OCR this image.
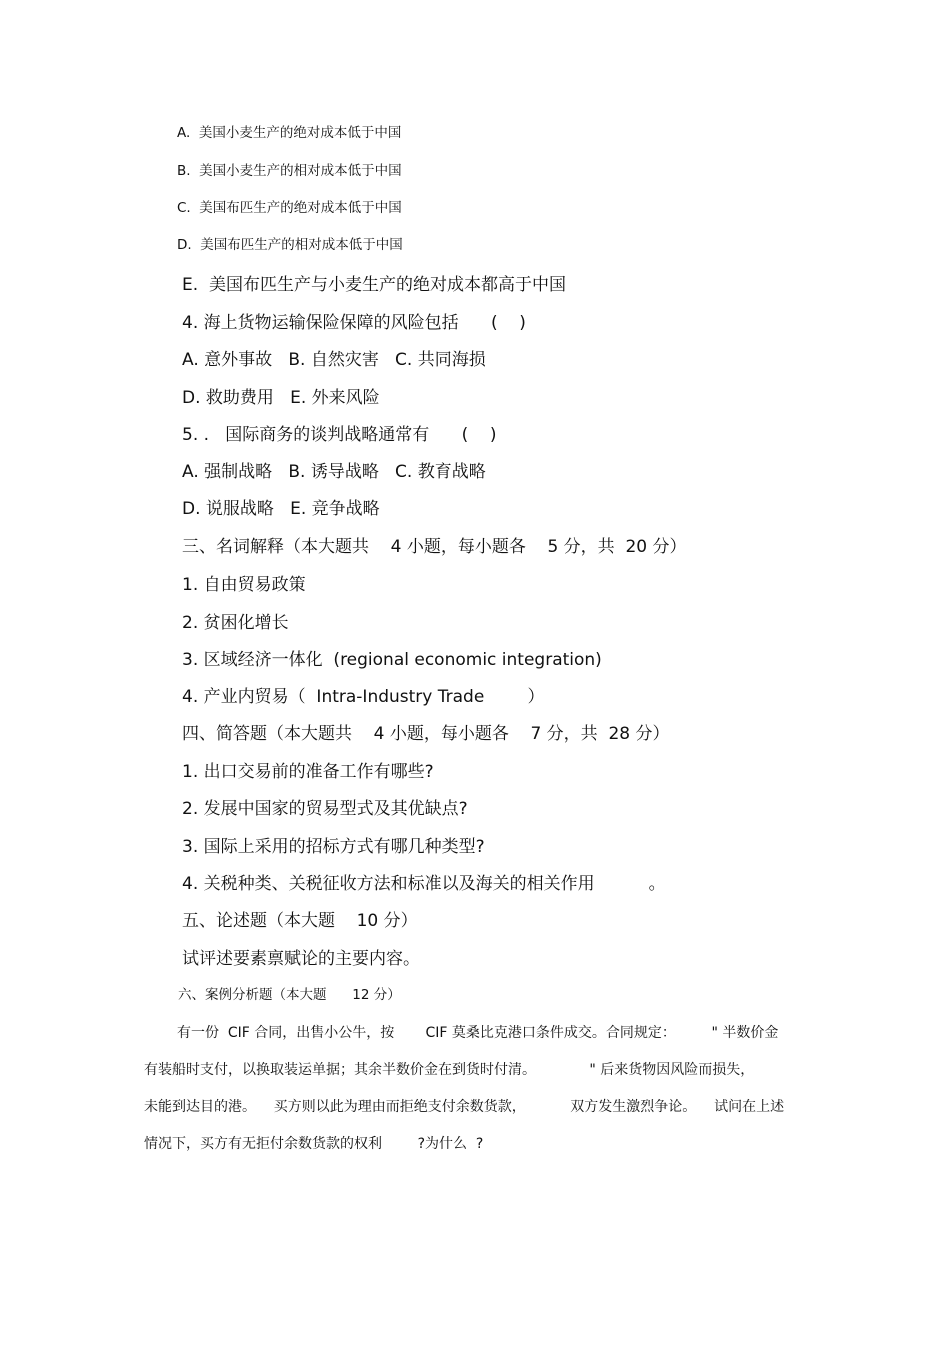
A.  美国小麦生产的绝对成本低于中国
B.  美国小麦生产的相对成本低于中国
C.  美国布匹生产的绝对成本低于中国
D.  美国布匹生产的相对成本低于中国
E.  美国布匹生产与小麦生产的绝对成本都高于中国
4. 海上货物运输保险保障的风险包括      (    )
A. 意外事故   B. 自然灾害   C. 共同海损
D. 救助费用   E. 外来风险
5. .   国际商务的谈判战略通常有      (    )
A. 强制战略   B. 诱导战略   C. 教育战略
D. 说服战略   E. 竞争战略
三、名词解释（本大题共    4 小题，每小题各    5 分，共  20 分）
1. 自由贸易政策
2. 贫困化增长
3. 区域经济一体化  (regional economic integration)
4. 产业内贸易（  Intra-Industry Trade        ）
四、简答题（本大题共    4 小题，每小题各    7 分，共  28 分）
1. 出口交易前的准备工作有哪些?
2. 发展中国家的贸易型式及其优缺点?
3. 国际上采用的招标方式有哪几种类型?
4. 关税种类、关税征收方法和标准以及海关的相关作用          。
五、论述题（本大题    10 分）
试评述要素禀赋论的主要内容。
六、案例分析题（本大题      12 分）
有一份  CIF 合同，出售小公牛，按       CIF 莫桑比克港口条件成交。合同规定：        " 半数价金
有装船时支付，以换取装运单据；其余半数价金在到货时付清。            " 后来货物因风险而损失，
未能到达目的港。    买方则以此为理由而拒绝支付余数货款，          双方发生激烈争论。    试问在上述
情况下，买方有无拒付余数货款的权利        ?为什么  ?
